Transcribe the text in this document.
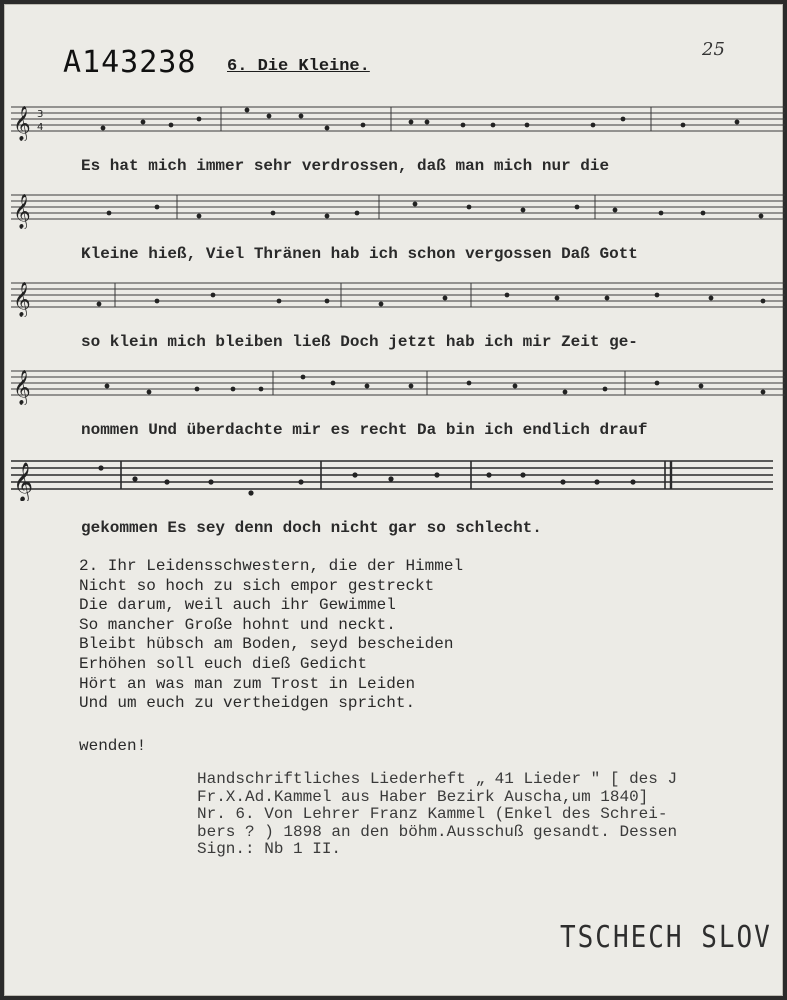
A143238 6. Die Kleine.
25
𝄞 3
4
Es hat mich immer sehr verdrossen, daß man mich nur die
𝄞
Kleine hieß, Viel Thränen hab ich schon vergossen Daß Gott
𝄞
so klein mich bleiben ließ Doch jetzt hab ich mir Zeit ge-
𝄞
nommen Und überdachte mir es recht Da bin ich endlich drauf
𝄞
gekommen Es sey denn doch nicht gar so schlecht.
2. Ihr Leidensschwestern, die der Himmel
Nicht so hoch zu sich empor gestreckt
Die darum, weil auch ihr Gewimmel
So mancher Große hohnt und neckt.
Bleibt hübsch am Boden, seyd bescheiden
Erhöhen soll euch dieß Gedicht
Hört an was man zum Trost in Leiden
Und um euch zu vertheidgen spricht.
wenden!
Handschriftliches Liederheft „ 41 Lieder " [ des J
Fr.X.Ad.Kammel aus Haber Bezirk Auscha,um 1840]
Nr. 6. Von Lehrer Franz Kammel (Enkel des Schrei-
bers ? ) 1898 an den böhm.Ausschuß gesandt. Dessen
Sign.: Nb 1 II.
TSCHECH SLOV
